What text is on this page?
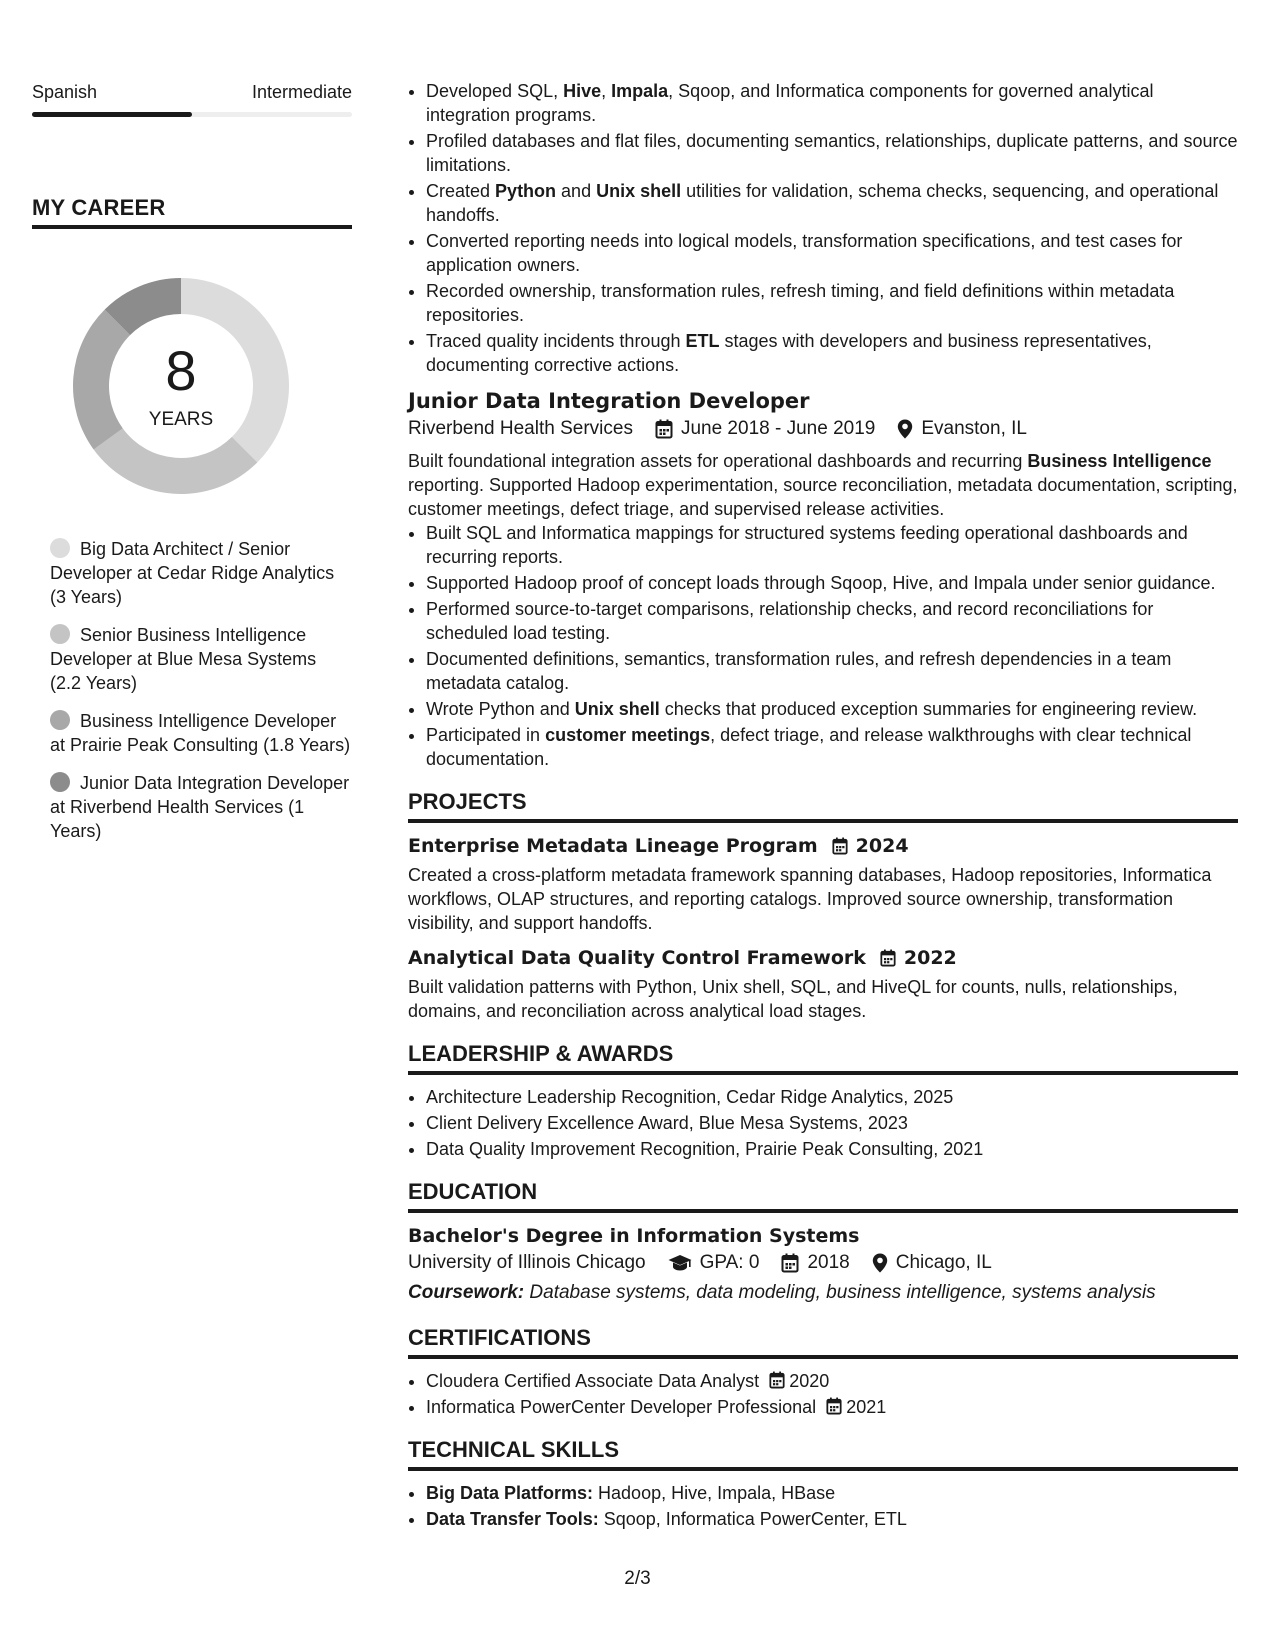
Spanish	Intermediate
MY CAREER
8
YEARS
Big Data Architect / Senior Developer at Cedar Ridge Analytics (3 Years)
Senior Business Intelligence Developer at Blue Mesa Systems (2.2 Years)
Business Intelligence Developer at Prairie Peak Consulting (1.8 Years)
Junior Data Integration Developer at Riverbend Health Services (1 Years)
• Developed SQL, Hive, Impala, Sqoop, and Informatica components for governed analytical integration programs.
• Profiled databases and flat files, documenting semantics, relationships, duplicate patterns, and source limitations.
• Created Python and Unix shell utilities for validation, schema checks, sequencing, and operational handoffs.
• Converted reporting needs into logical models, transformation specifications, and test cases for application owners.
• Recorded ownership, transformation rules, refresh timing, and field definitions within metadata repositories.
• Traced quality incidents through ETL stages with developers and business representatives, documenting corrective actions.
Junior Data Integration Developer
Riverbend Health Services	June 2018 - June 2019 Evanston, IL
Built foundational integration assets for operational dashboards and recurring Business Intelligence reporting. Supported Hadoop experimentation, source reconciliation, metadata documentation, scripting, customer meetings, defect triage, and supervised release activities.
• Built SQL and Informatica mappings for structured systems feeding operational dashboards and recurring reports.
• Supported Hadoop proof of concept loads through Sqoop, Hive, and Impala under senior guidance.
• Performed source-to-target comparisons, relationship checks, and record reconciliations for scheduled load testing.
• Documented definitions, semantics, transformation rules, and refresh dependencies in a team metadata catalog.
• Wrote Python and Unix shell checks that produced exception summaries for engineering review.
• Participated in customer meetings, defect triage, and release walkthroughs with clear technical documentation.
PROJECTS
Enterprise Metadata Lineage Program 2024
Created a cross-platform metadata framework spanning databases, Hadoop repositories, Informatica workflows, OLAP structures, and reporting catalogs. Improved source ownership, transformation visibility, and support handoffs.
Analytical Data Quality Control Framework 2022
Built validation patterns with Python, Unix shell, SQL, and HiveQL for counts, nulls, relationships, domains, and reconciliation across analytical load stages.
LEADERSHIP & AWARDS
• Architecture Leadership Recognition, Cedar Ridge Analytics, 2025
• Client Delivery Excellence Award, Blue Mesa Systems, 2023
• Data Quality Improvement Recognition, Prairie Peak Consulting, 2021
EDUCATION
Bachelor's Degree in Information Systems
University of Illinois Chicago	GPA: 0	2018 Chicago, IL
Coursework: Database systems, data modeling, business intelligence, systems analysis
CERTIFICATIONS
• Cloudera Certified Associate Data Analyst 2020
• Informatica PowerCenter Developer Professional 2021
TECHNICAL SKILLS
• Big Data Platforms: Hadoop, Hive, Impala, HBase
• Data Transfer Tools: Sqoop, Informatica PowerCenter, ETL
2/3
